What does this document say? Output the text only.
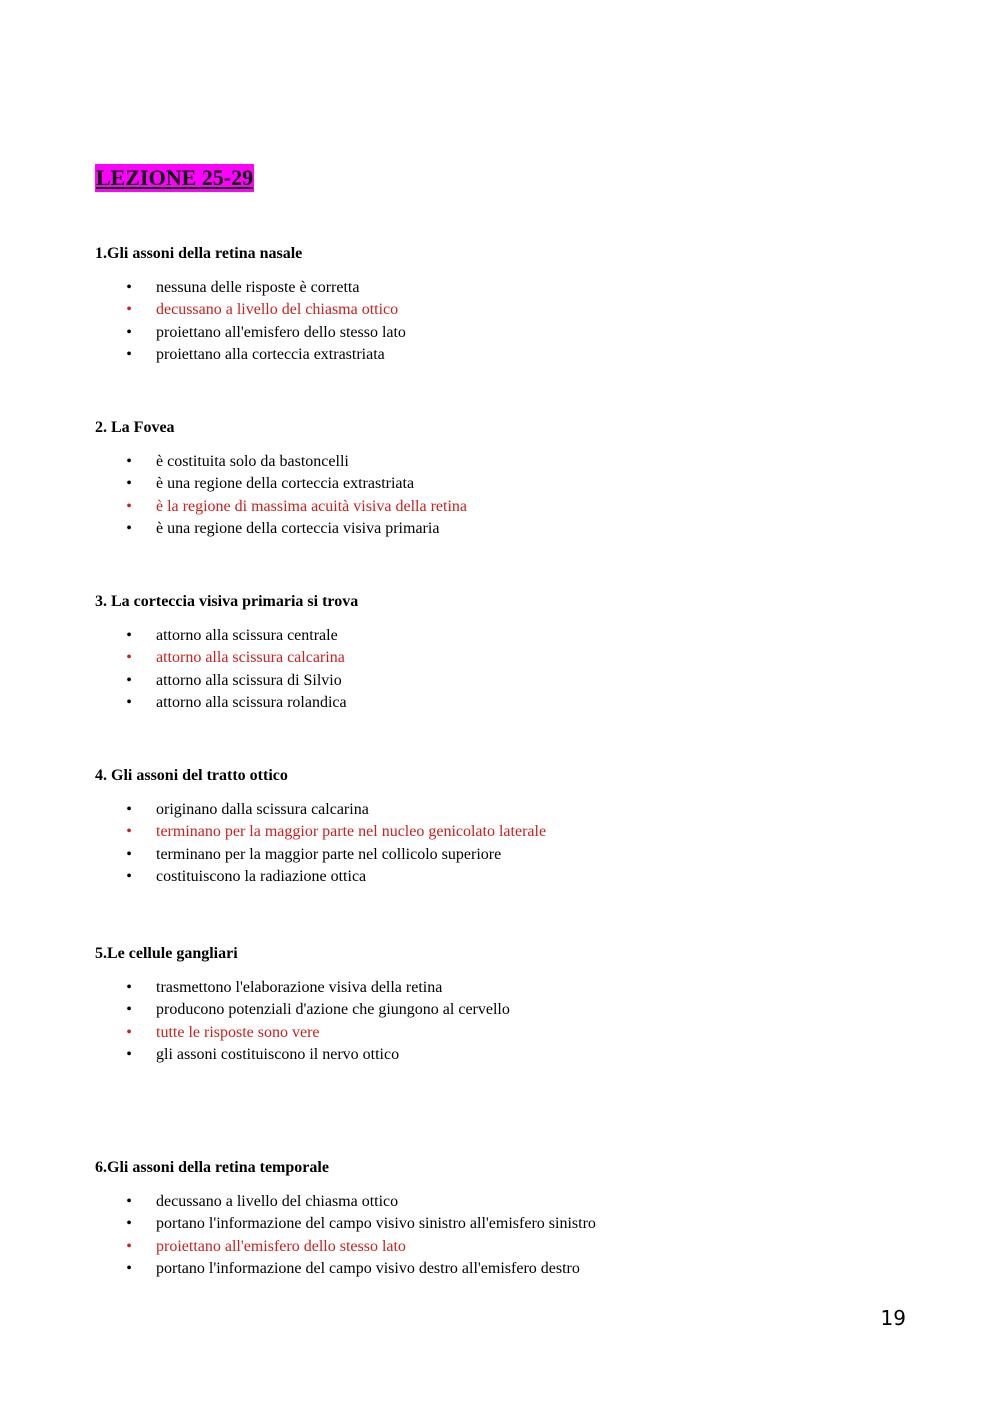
LEZIONE 25-29

1.Gli assoni della retina nasale

• nessuna delle risposte è corretta
• decussano a livello del chiasma ottico
• proiettano all'emisfero dello stesso lato
• proiettano alla corteccia extrastriata

2. La Fovea

• è costituita solo da bastoncelli
• è una regione della corteccia extrastriata
• è la regione di massima acuità visiva della retina
• è una regione della corteccia visiva primaria

3. La corteccia visiva primaria si trova

• attorno alla scissura centrale
• attorno alla scissura calcarina
• attorno alla scissura di Silvio
• attorno alla scissura rolandica

4. Gli assoni del tratto ottico

• originano dalla scissura calcarina
• terminano per la maggior parte nel nucleo genicolato laterale
• terminano per la maggior parte nel collicolo superiore
• costituiscono la radiazione ottica

5.Le cellule gangliari

• trasmettono l'elaborazione visiva della retina
• producono potenziali d'azione che giungono al cervello
• tutte le risposte sono vere
• gli assoni costituiscono il nervo ottico

6.Gli assoni della retina temporale

• decussano a livello del chiasma ottico
• portano l'informazione del campo visivo sinistro all'emisfero sinistro
• proiettano all'emisfero dello stesso lato
• portano l'informazione del campo visivo destro all'emisfero destro
19
